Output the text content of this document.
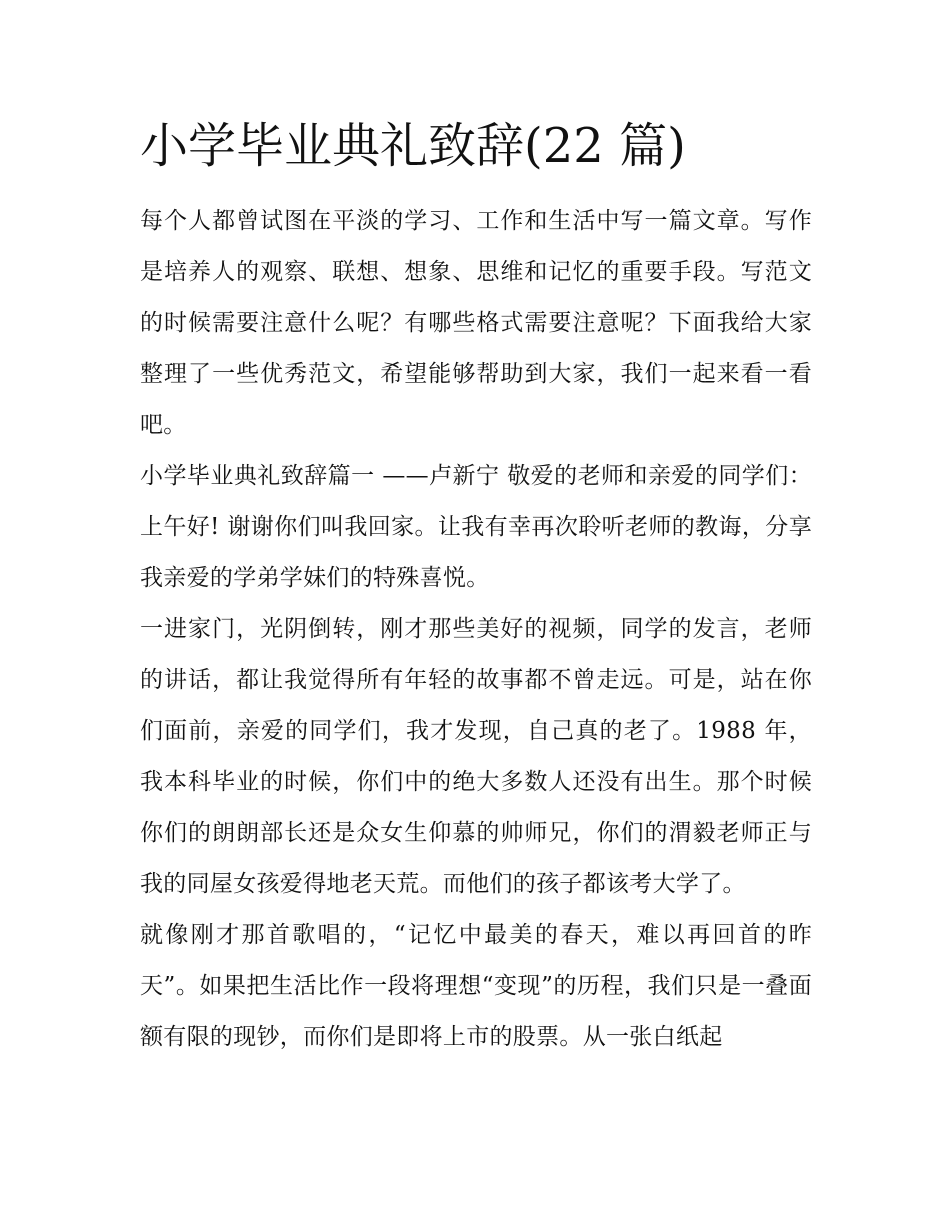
小学毕业典礼致辞(22 篇)

每个人都曾试图在平淡的学习、工作和生活中写一篇文章。写作是培养人的观察、联想、想象、思维和记忆的重要手段。写范文的时候需要注意什么呢？有哪些格式需要注意呢？下面我给大家整理了一些优秀范文，希望能够帮助到大家，我们一起来看一看吧。

小学毕业典礼致辞篇一 ——卢新宁 敬爱的老师和亲爱的同学们： 上午好! 谢谢你们叫我回家。让我有幸再次聆听老师的教诲，分享我亲爱的学弟学妹们的特殊喜悦。

一进家门，光阴倒转，刚才那些美好的视频，同学的发言，老师的讲话，都让我觉得所有年轻的故事都不曾走远。可是，站在你们面前，亲爱的同学们，我才发现，自己真的老了。1988 年，我本科毕业的时候，你们中的绝大多数人还没有出生。那个时候你们的朗朗部长还是众女生仰慕的帅师兄，你们的渭毅老师正与我的同屋女孩爱得地老天荒。而他们的孩子都该考大学了。

就像刚才那首歌唱的，“记忆中最美的春天，难以再回首的昨天”。如果把生活比作一段将理想“变现”的历程，我们只是一叠面额有限的现钞，而你们是即将上市的股票。从一张白纸起
